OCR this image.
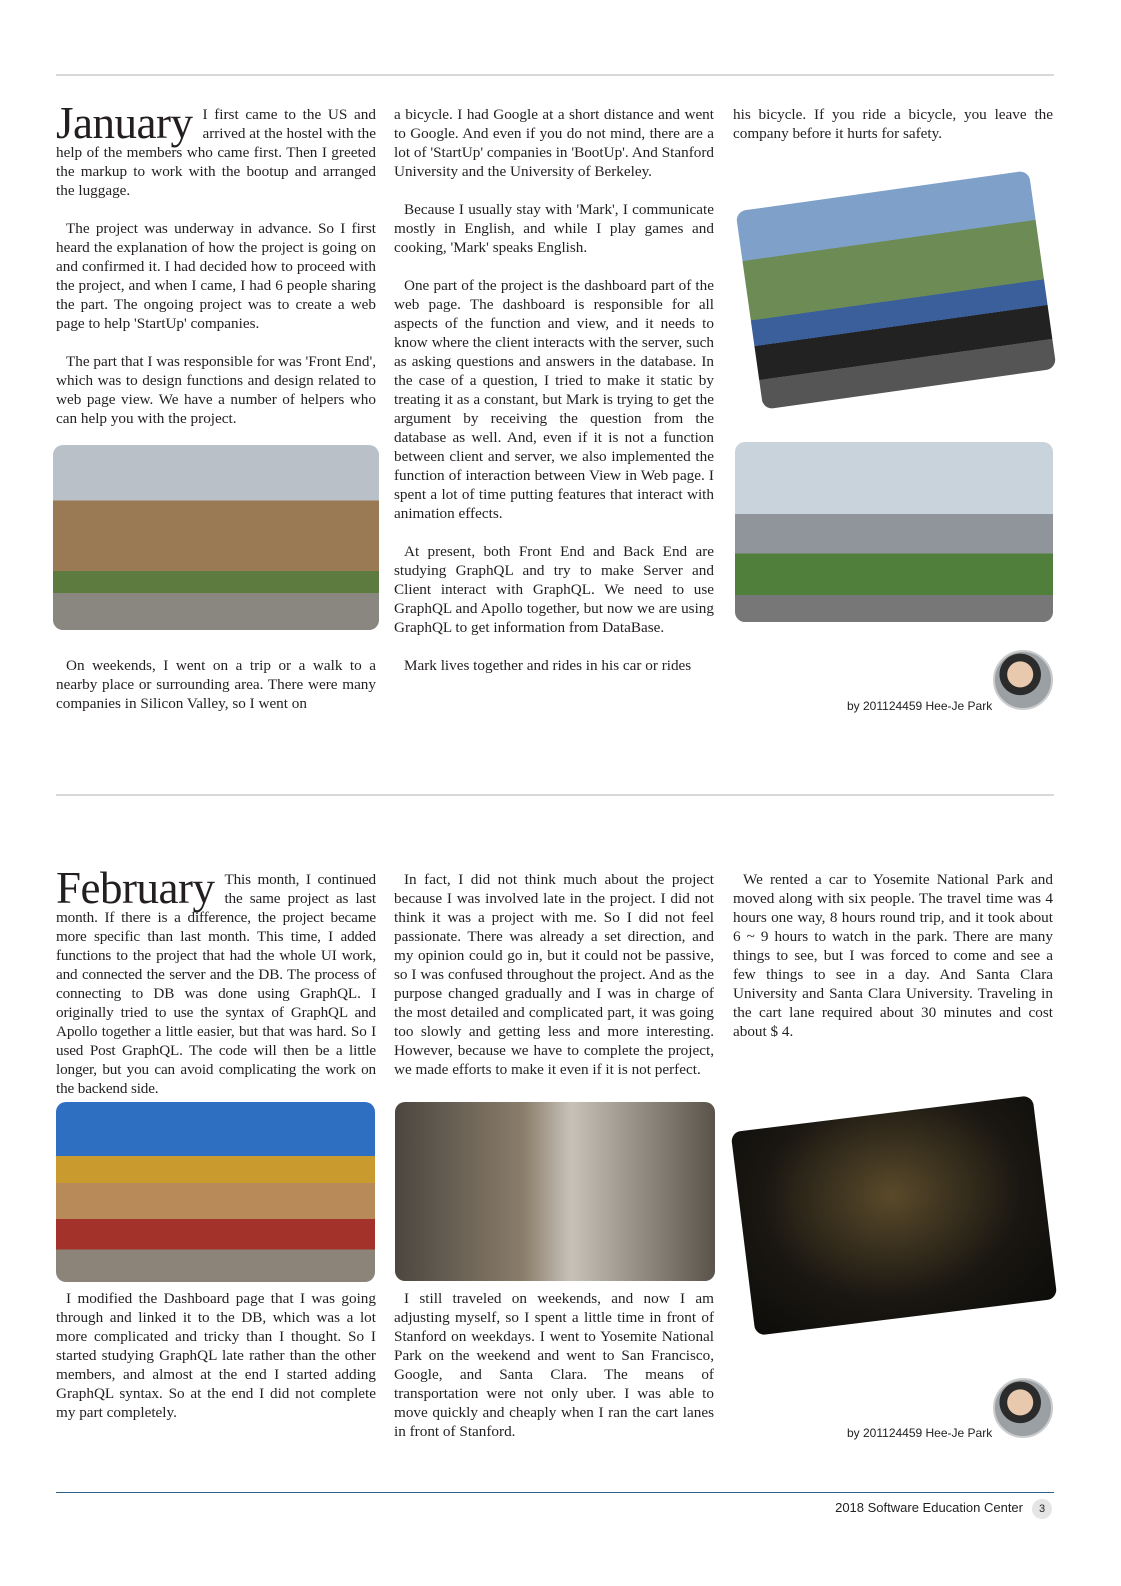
January I first came to the US and arrived at the hostel with the help of the members who came first. Then I greeted the markup to work with the bootup and arranged the luggage.

The project was underway in advance. So I first heard the explanation of how the project is going on and confirmed it. I had decided how to proceed with the project, and when I came, I had 6 people sharing the part. The ongoing project was to create a web page to help 'StartUp' companies.

The part that I was responsible for was 'Front End', which was to design functions and design related to web page view. We have a number of helpers who can help you with the project.

On weekends, I went on a trip or a walk to a nearby place or surrounding area. There were many companies in Silicon Valley, so I went on

a bicycle. I had Google at a short distance and went to Google. And even if you do not mind, there are a lot of 'StartUp' companies in 'BootUp'. And Stanford University and the University of Berkeley.

Because I usually stay with 'Mark', I communicate mostly in English, and while I play games and cooking, 'Mark' speaks English.

One part of the project is the dashboard part of the web page. The dashboard is responsible for all aspects of the function and view, and it needs to know where the client interacts with the server, such as asking questions and answers in the database. In the case of a question, I tried to make it static by treating it as a constant, but Mark is trying to get the argument by receiving the question from the database as well. And, even if it is not a function between client and server, we also implemented the function of interaction between View in Web page. I spent a lot of time putting features that interact with animation effects.

At present, both Front End and Back End are studying GraphQL and try to make Server and Client interact with GraphQL. We need to use GraphQL and Apollo together, but now we are using GraphQL to get information from DataBase.

Mark lives together and rides in his car or rides

his bicycle. If you ride a bicycle, you leave the company before it hurts for safety.

by 201124459 Hee-Je Park

February This month, I continued the same project as last month. If there is a difference, the project became more specific than last month. This time, I added functions to the project that had the whole UI work, and connected the server and the DB. The process of connecting to DB was done using GraphQL. I originally tried to use the syntax of GraphQL and Apollo together a little easier, but that was hard. So I used Post GraphQL. The code will then be a little longer, but you can avoid complicating the work on the backend side.

I modified the Dashboard page that I was going through and linked it to the DB, which was a lot more complicated and tricky than I thought. So I started studying GraphQL late rather than the other members, and almost at the end I started adding GraphQL syntax. So at the end I did not complete my part completely.

In fact, I did not think much about the project because I was involved late in the project. I did not think it was a project with me. So I did not feel passionate. There was already a set direction, and my opinion could go in, but it could not be passive, so I was confused throughout the project. And as the purpose changed gradually and I was in charge of the most detailed and complicated part, it was going too slowly and getting less and more interesting. However, because we have to complete the project, we made efforts to make it even if it is not perfect.

I still traveled on weekends, and now I am adjusting myself, so I spent a little time in front of Stanford on weekdays. I went to Yosemite National Park on the weekend and went to San Francisco, Google, and Santa Clara. The means of transportation were not only uber. I was able to move quickly and cheaply when I ran the cart lanes in front of Stanford.

We rented a car to Yosemite National Park and moved along with six people. The travel time was 4 hours one way, 8 hours round trip, and it took about 6 ~ 9 hours to watch in the park. There are many things to see, but I was forced to come and see a few things to see in a day. And Santa Clara University and Santa Clara University. Traveling in the cart lane required about 30 minutes and cost about $ 4.

by 201124459 Hee-Je Park
2018 Software Education Center	3
